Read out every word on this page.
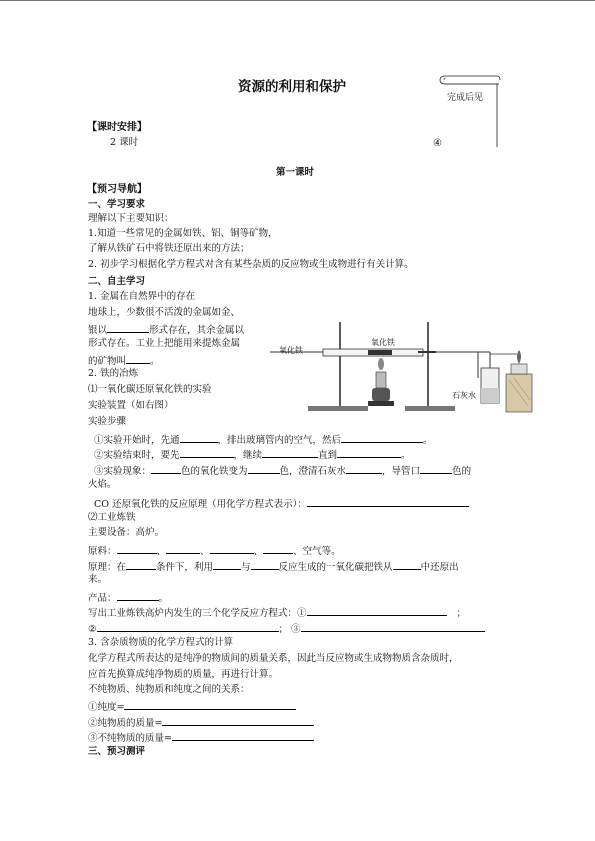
资源的利用和保护
完成后见
④
【课时安排】
2 课时
第一课时
【预习导航】
一、学习要求
理解以下主要知识：
1.知道一些常见的金属如铁、铝、铜等矿物，
了解从铁矿石中将铁还原出来的方法；
2. 初步学习根据化学方程式对含有某些杂质的反应物或生成物进行有关计算。
二、自主学习
1. 金属在自然界中的存在
地球上，少数很不活泼的金属如金、
银以	形式存在，其余金属以
形式存在。工业上把能用来提炼金属
的矿物叫	。
2. 铁的冶炼
⑴一氧化碳还原氧化铁的实验
实验装置（如右图）
实验步骤
氧化铁
氧化铁
石灰水
①实验开始时，先通	，排出玻璃管内的空气，然后	。
②实验结束时，要先	，继续	直到	。
③实验现象：	色的氧化铁变为	色，澄清石灰水	，导管口	色的
火焰。
CO 还原氧化铁的反应原理（用化学方程式表示）：
⑵工业炼铁
主要设备：高炉。
原料：	、	、	、	、空气等。
原理：在	条件下，利用	与	反应生成的一氧化碳把铁从	中还原出
来。
产品：	。
写出工业炼铁高炉内发生的三个化学反应方程式：①	；
②	； ③
3. 含杂质物质的化学方程式的计算
化学方程式所表达的是纯净的物质间的质量关系，因此当反应物或生成物物质含杂质时，
应首先换算成纯净物质的质量，再进行计算。
不纯物质、纯物质和纯度之间的关系：
①纯度=
②纯物质的质量=
③不纯物质的质量=
三、预习测评
